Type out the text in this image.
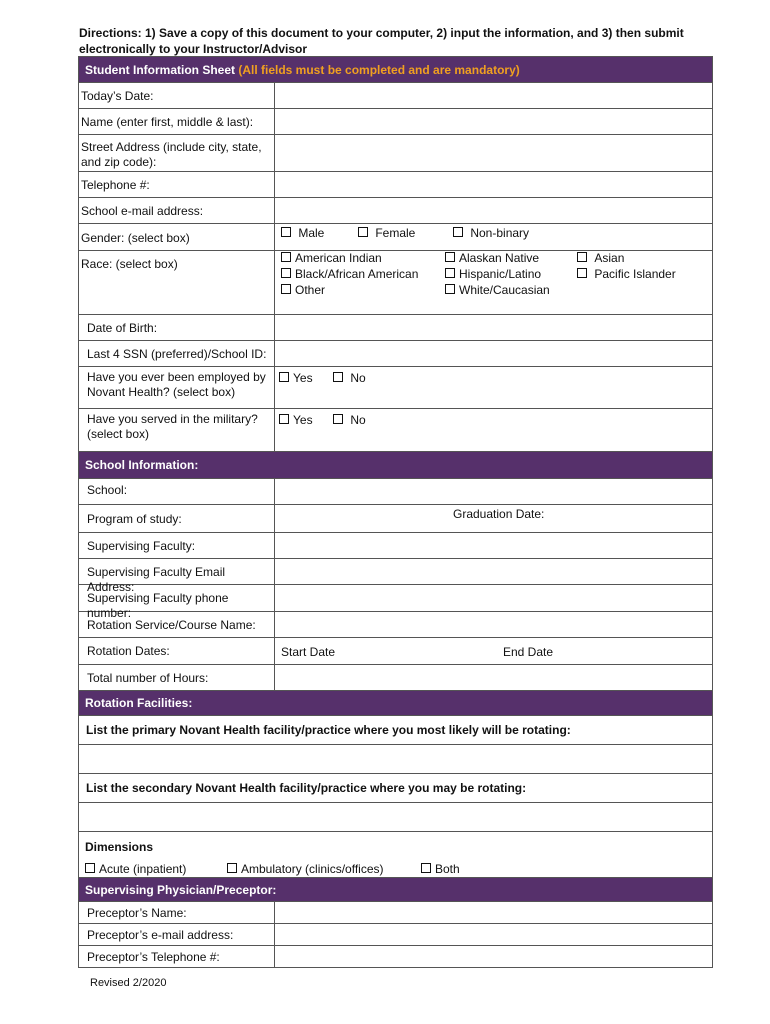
Directions: 1) Save a copy of this document to your computer, 2) input the information, and 3) then submit electronically to your Instructor/Advisor
Student Information Sheet
(All fields must be completed and are mandatory)
Today’s Date:
Name (enter first, middle & last):
Street Address (include city, state, and zip code):
Telephone #:
School e-mail address:
Gender: (select box)	Male	Female	Non-binary
Race: (select box)	American Indian	Alaskan Native	Asian
Black/African American	Hispanic/Latino	Pacific Islander
Other	White/Caucasian
Date of Birth:
Last 4 SSN (preferred)/School ID:
Have you ever been employed by Novant Health? (select box)
Yes	No
Have you served in the military? (select box)
Yes	No
School Information:
School:
Program of study:	Graduation Date:
Supervising Faculty:
Supervising Faculty Email Address:
Supervising Faculty phone number:
Rotation Service/Course Name:
Rotation Dates:	Start Date	End Date
Total number of Hours:
Rotation Facilities:
List the primary Novant Health facility/practice where you most likely will be rotating:
List the secondary Novant Health facility/practice where you may be rotating:
Dimensions
Acute (inpatient)	Ambulatory (clinics/offices)	Both
Supervising Physician/Preceptor:
Preceptor’s Name:
Preceptor’s e-mail address:
Preceptor’s Telephone #:
Revised 2/2020
